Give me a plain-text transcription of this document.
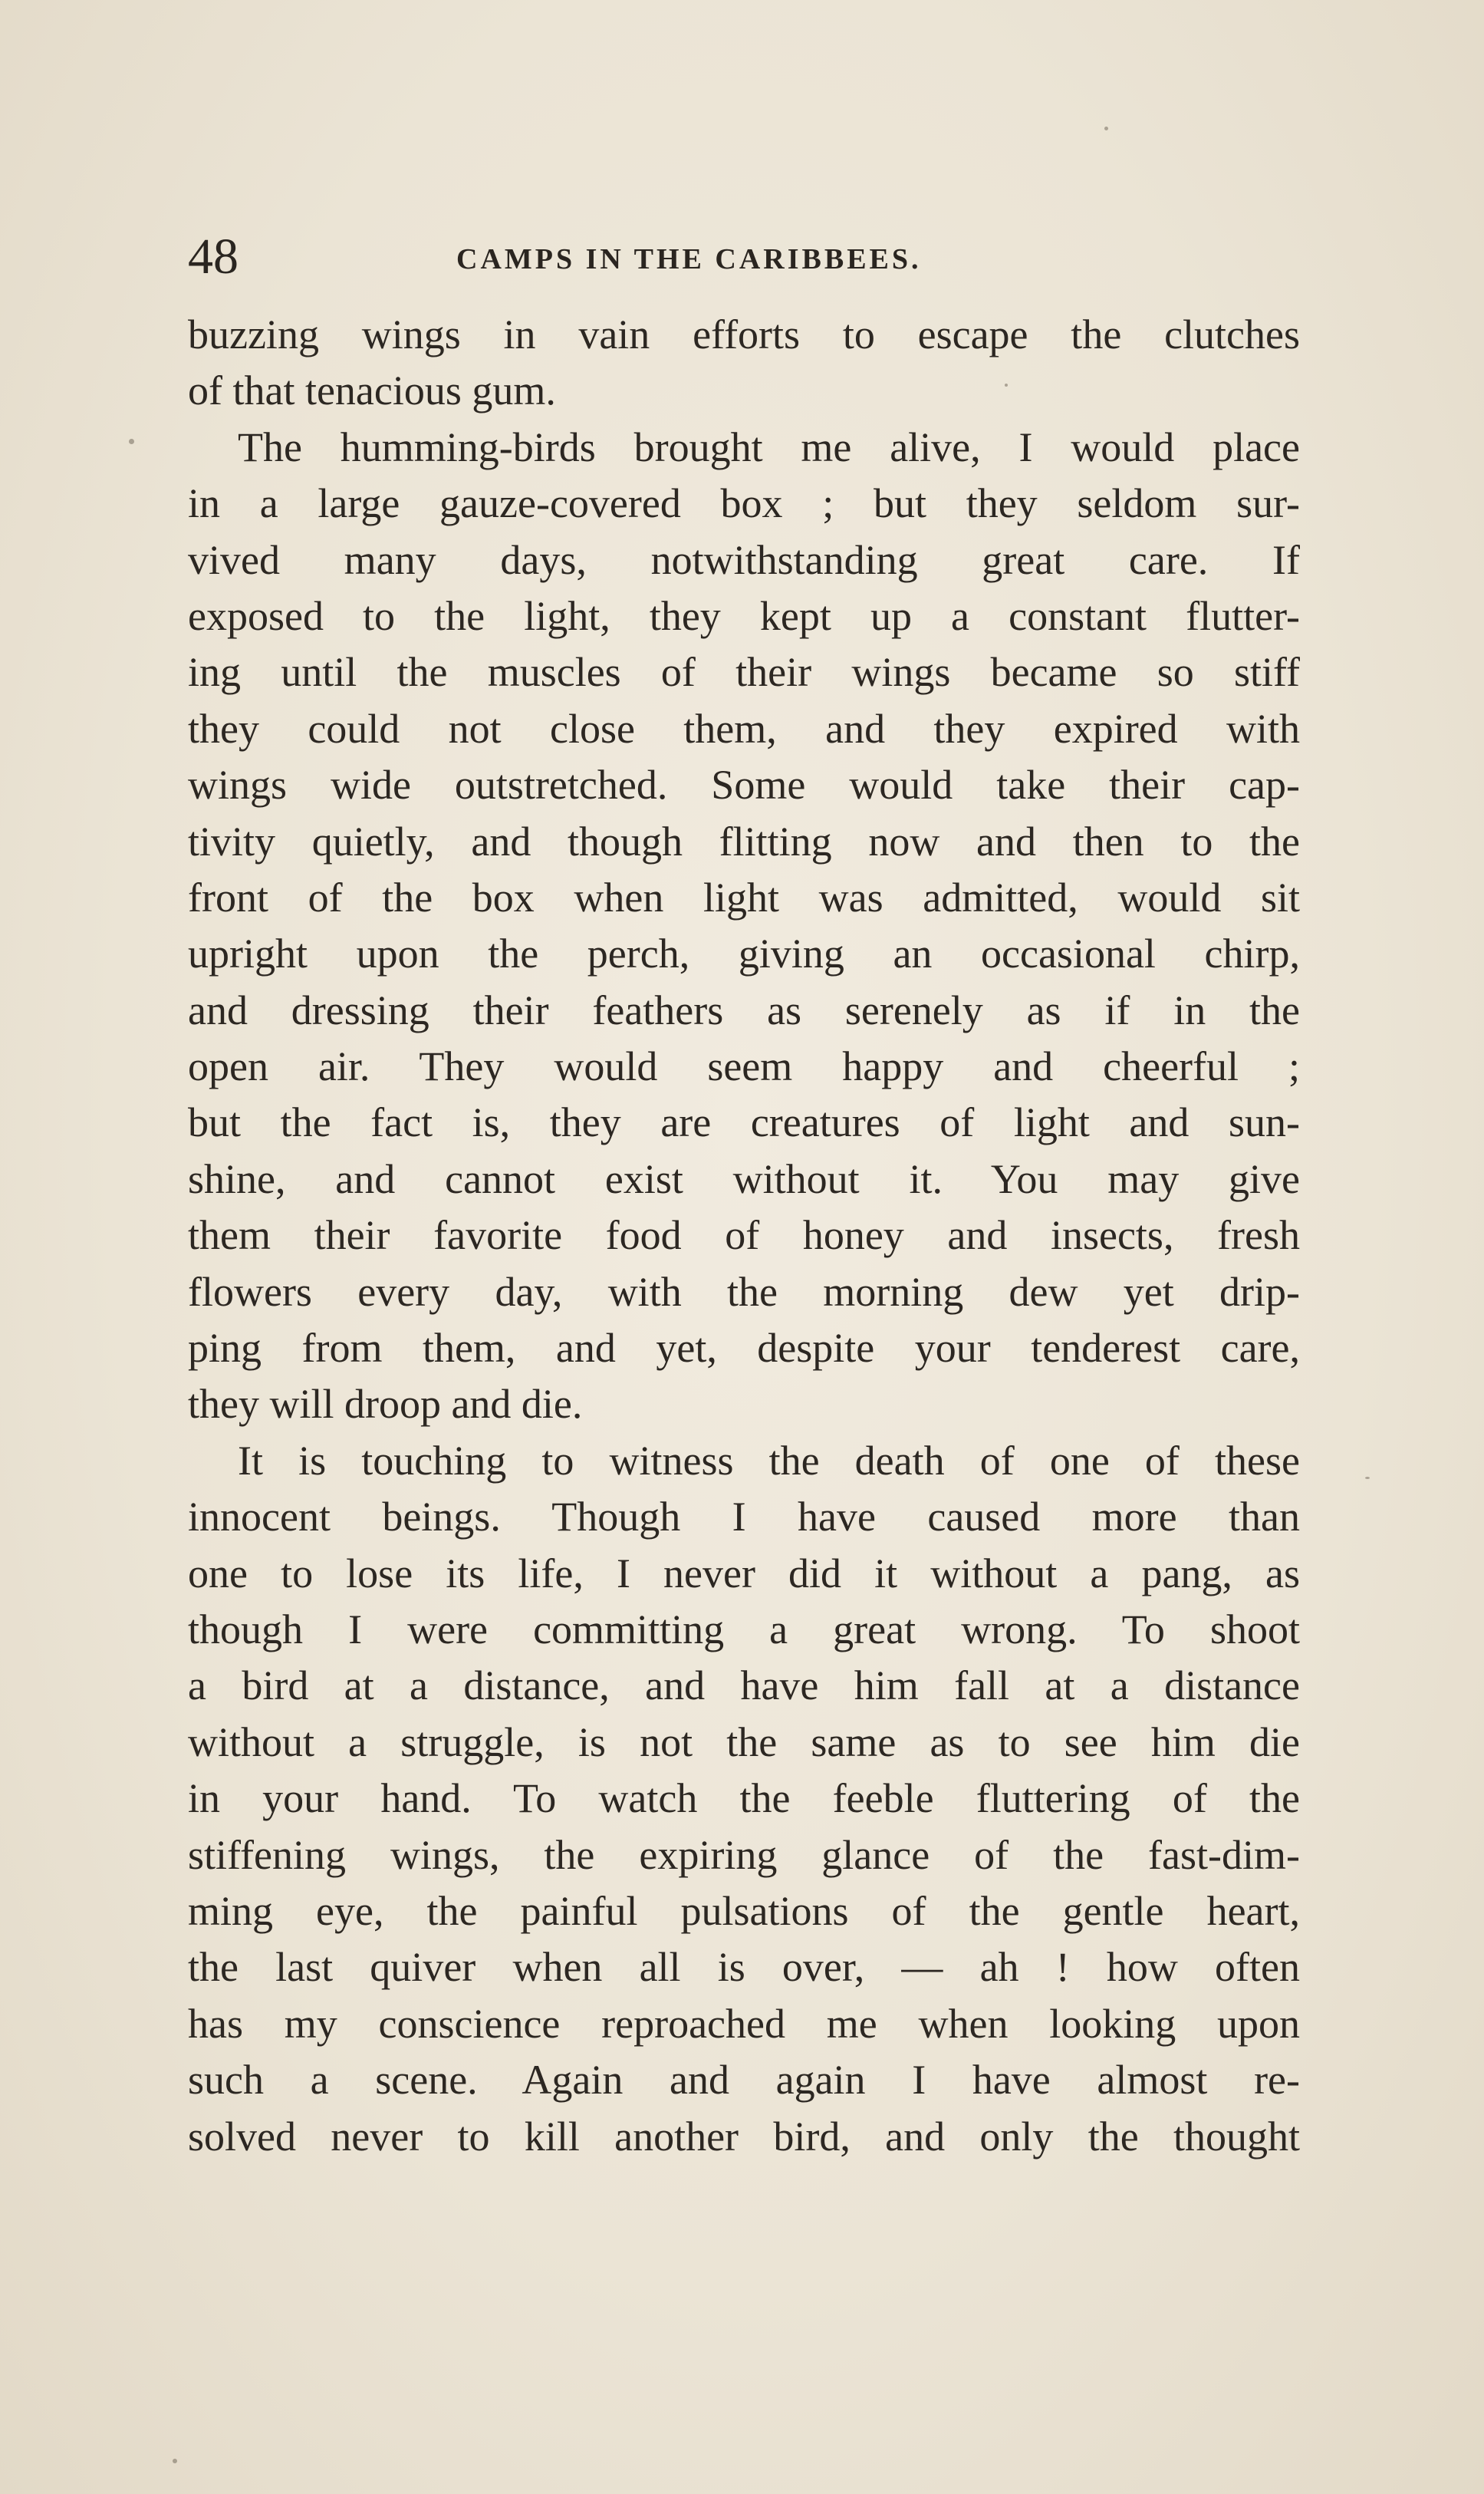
48	CAMPS IN THE CARIBBEES.
buzzing wings in vain efforts to escape the clutches
of that tenacious gum.
The humming-birds brought me alive, I would place
in a large gauze-covered box ; but they seldom sur-
vived many days, notwithstanding great care. If
exposed to the light, they kept up a constant flutter-
ing until the muscles of their wings became so stiff
they could not close them, and they expired with
wings wide outstretched. Some would take their cap-
tivity quietly, and though flitting now and then to the
front of the box when light was admitted, would sit
upright upon the perch, giving an occasional chirp,
and dressing their feathers as serenely as if in the
open air. They would seem happy and cheerful ;
but the fact is, they are creatures of light and sun-
shine, and cannot exist without it. You may give
them their favorite food of honey and insects, fresh
flowers every day, with the morning dew yet drip-
ping from them, and yet, despite your tenderest care,
they will droop and die.
It is touching to witness the death of one of these
innocent beings. Though I have caused more than
one to lose its life, I never did it without a pang, as
though I were committing a great wrong. To shoot
a bird at a distance, and have him fall at a distance
without a struggle, is not the same as to see him die
in your hand. To watch the feeble fluttering of the
stiffening wings, the expiring glance of the fast-dim-
ming eye, the painful pulsations of the gentle heart,
the last quiver when all is over, — ah ! how often
has my conscience reproached me when looking upon
such a scene. Again and again I have almost re-
solved never to kill another bird, and only the thought
